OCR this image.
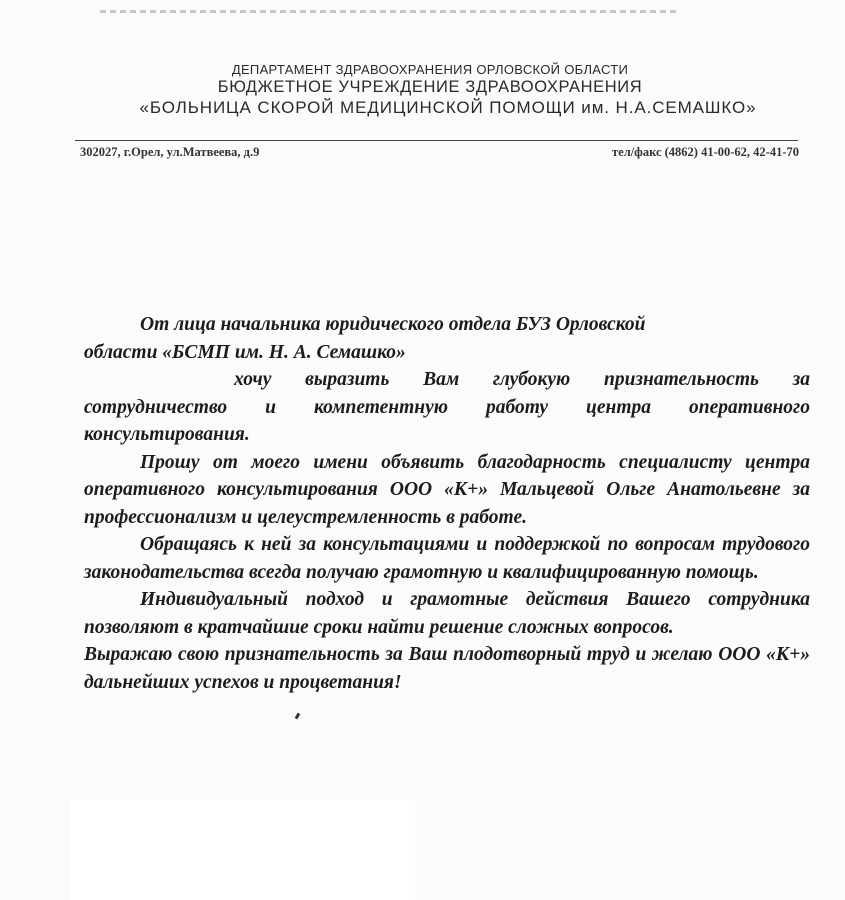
ДЕПАРТАМЕНТ ЗДРАВООХРАНЕНИЯ ОРЛОВСКОЙ ОБЛАСТИ
БЮДЖЕТНОЕ УЧРЕЖДЕНИЕ ЗДРАВООХРАНЕНИЯ
«БОЛЬНИЦА СКОРОЙ МЕДИЦИНСКОЙ ПОМОЩИ им. Н.А.СЕМАШКО»
302027, г.Орел, ул.Матвеева, д.9	тел/факс (4862) 41-00-62, 42-41-70

От лица начальника юридического отдела БУЗ Орловской

области «БСМП им. Н. А. Семашко»

хочу выразить Вам глубокую признательность за сотрудничество и компетентную работу центра оперативного консультирования.

Прошу от моего имени объявить благодарность специалисту центра оперативного консультирования ООО «К+» Мальцевой Ольге Анатольевне за профессионализм и целеустремленность в работе.

Обращаясь к ней за консультациями и поддержкой по вопросам трудового законодательства всегда получаю грамотную и квалифицированную помощь.

Индивидуальный подход и грамотные действия Вашего сотрудника позволяют в кратчайшие сроки найти решение сложных вопросов.

Выражаю свою признательность за Ваш плодотворный труд и желаю ООО «К+» дальнейших успехов и процветания!
